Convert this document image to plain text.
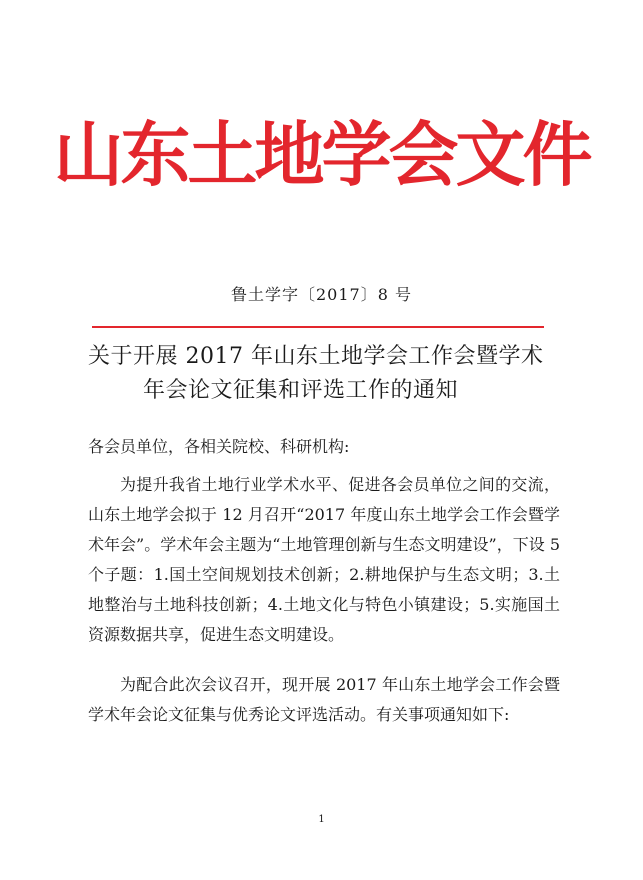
山东土地学会文件
鲁土学字〔2017〕8 号
关于开展 2017 年山东土地学会工作会暨学术
年会论文征集和评选工作的通知
各会员单位，各相关院校、科研机构:
为提升我省土地行业学术水平、促进各会员单位之间的交流，山东土地学会拟于 12 月召开“2017 年度山东土地学会工作会暨学术年会”。学术年会主题为“土地管理创新与生态文明建设”，下设 5 个子题：1.国土空间规划技术创新；2.耕地保护与生态文明；3.土地整治与土地科技创新；4.土地文化与特色小镇建设；5.实施国土资源数据共享，促进生态文明建设。
为配合此次会议召开，现开展 2017 年山东土地学会工作会暨学术年会论文征集与优秀论文评选活动。有关事项通知如下:
1
